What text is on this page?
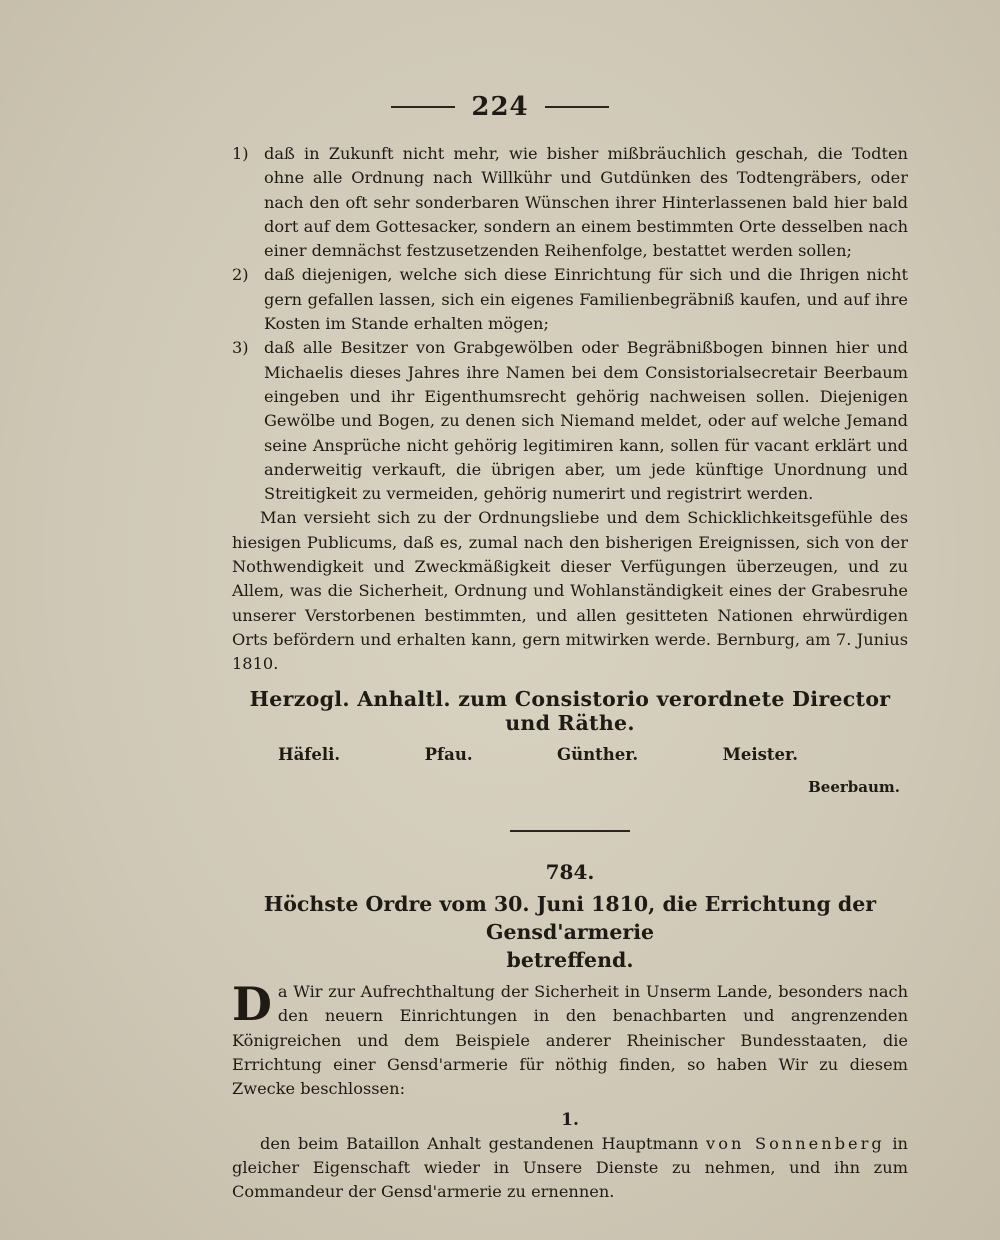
224
1) daß in Zukunft nicht mehr, wie bisher mißbräuchlich geschah, die Todten ohne alle Ordnung nach Willkühr und Gutdünken des Todtengräbers, oder nach den oft sehr sonderbaren Wünschen ihrer Hinterlassenen bald hier bald dort auf dem Gottesacker, sondern an einem bestimmten Orte desselben nach einer demnächst festzusetzenden Reihenfolge, bestattet werden sollen;
2) daß diejenigen, welche sich diese Einrichtung für sich und die Ihrigen nicht gern gefallen lassen, sich ein eigenes Familienbegräbniß kaufen, und auf ihre Kosten im Stande erhalten mögen;
3) daß alle Besitzer von Grabgewölben oder Begräbnißbogen binnen hier und Michaelis dieses Jahres ihre Namen bei dem Consistorialsecretair Beerbaum eingeben und ihr Eigenthumsrecht gehörig nachweisen sollen. Diejenigen Gewölbe und Bogen, zu denen sich Niemand meldet, oder auf welche Jemand seine Ansprüche nicht gehörig legitimiren kann, sollen für vacant erklärt und anderweitig verkauft, die übrigen aber, um jede künftige Unordnung und Streitigkeit zu vermeiden, gehörig numerirt und registrirt werden.

Man versieht sich zu der Ordnungsliebe und dem Schicklichkeitsgefühle des hiesigen Publicums, daß es, zumal nach den bisherigen Ereignissen, sich von der Nothwendigkeit und Zweckmäßigkeit dieser Verfügungen überzeugen, und zu Allem, was die Sicherheit, Ordnung und Wohlanständigkeit eines der Grabesruhe unserer Verstorbenen bestimmten, und allen gesitteten Nationen ehrwürdigen Orts befördern und erhalten kann, gern mitwirken werde. Bernburg, am 7. Junius 1810.

Herzogl. Anhaltl. zum Consistorio verordnete Director und Räthe.
Häfeli.	Pfau.	Günther.	Meister.
Beerbaum.
784.
Höchste Ordre vom 30. Juni 1810, die Errichtung der Gensd'armerie
betreffend.
D a Wir zur Aufrechthaltung der Sicherheit in Unserm Lande, besonders nach den neuern Einrichtungen in den benachbarten und angrenzenden Königreichen und dem Beispiele anderer Rheinischer Bundesstaaten, die Errichtung einer Gensd'armerie für nöthig finden, so haben Wir zu diesem Zwecke beschlossen:
1.

den beim Bataillon Anhalt gestandenen Hauptmann von Sonnenberg in gleicher Eigenschaft wieder in Unsere Dienste zu nehmen, und ihn zum Commandeur der Gensd'armerie zu ernennen.
